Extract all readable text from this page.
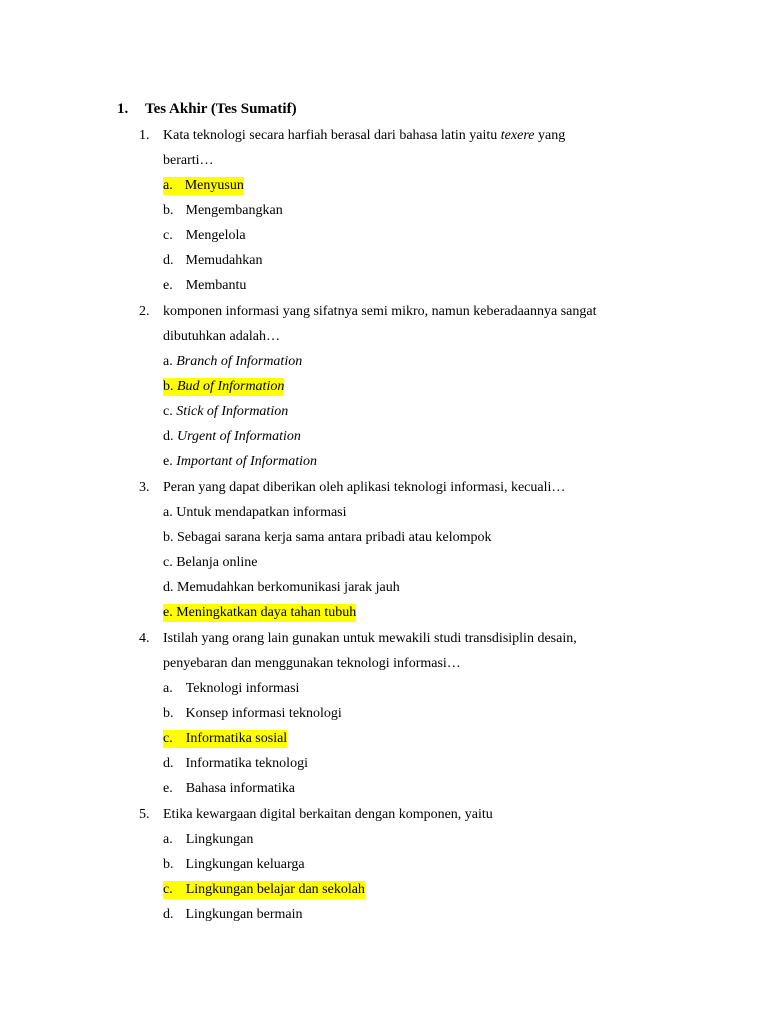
1. Tes Akhir (Tes Sumatif)
1. Kata teknologi secara harfiah berasal dari bahasa latin yaitu texere yang
berarti…
a. Menyusun
b. Mengembangkan
c. Mengelola
d. Memudahkan
e. Membantu
2. komponen informasi yang sifatnya semi mikro, namun keberadaannya sangat
dibutuhkan adalah…
a. Branch of Information
b. Bud of Information
c. Stick of Information
d. Urgent of Information
e. Important of Information
3. Peran yang dapat diberikan oleh aplikasi teknologi informasi, kecuali…
a. Untuk mendapatkan informasi
b. Sebagai sarana kerja sama antara pribadi atau kelompok
c. Belanja online
d. Memudahkan berkomunikasi jarak jauh
e. Meningkatkan daya tahan tubuh
4. Istilah yang orang lain gunakan untuk mewakili studi transdisiplin desain,
penyebaran dan menggunakan teknologi informasi…
a. Teknologi informasi
b. Konsep informasi teknologi
c. Informatika sosial
d. Informatika teknologi
e. Bahasa informatika
5. Etika kewargaan digital berkaitan dengan komponen, yaitu
a. Lingkungan
b. Lingkungan keluarga
c. Lingkungan belajar dan sekolah
d. Lingkungan bermain
